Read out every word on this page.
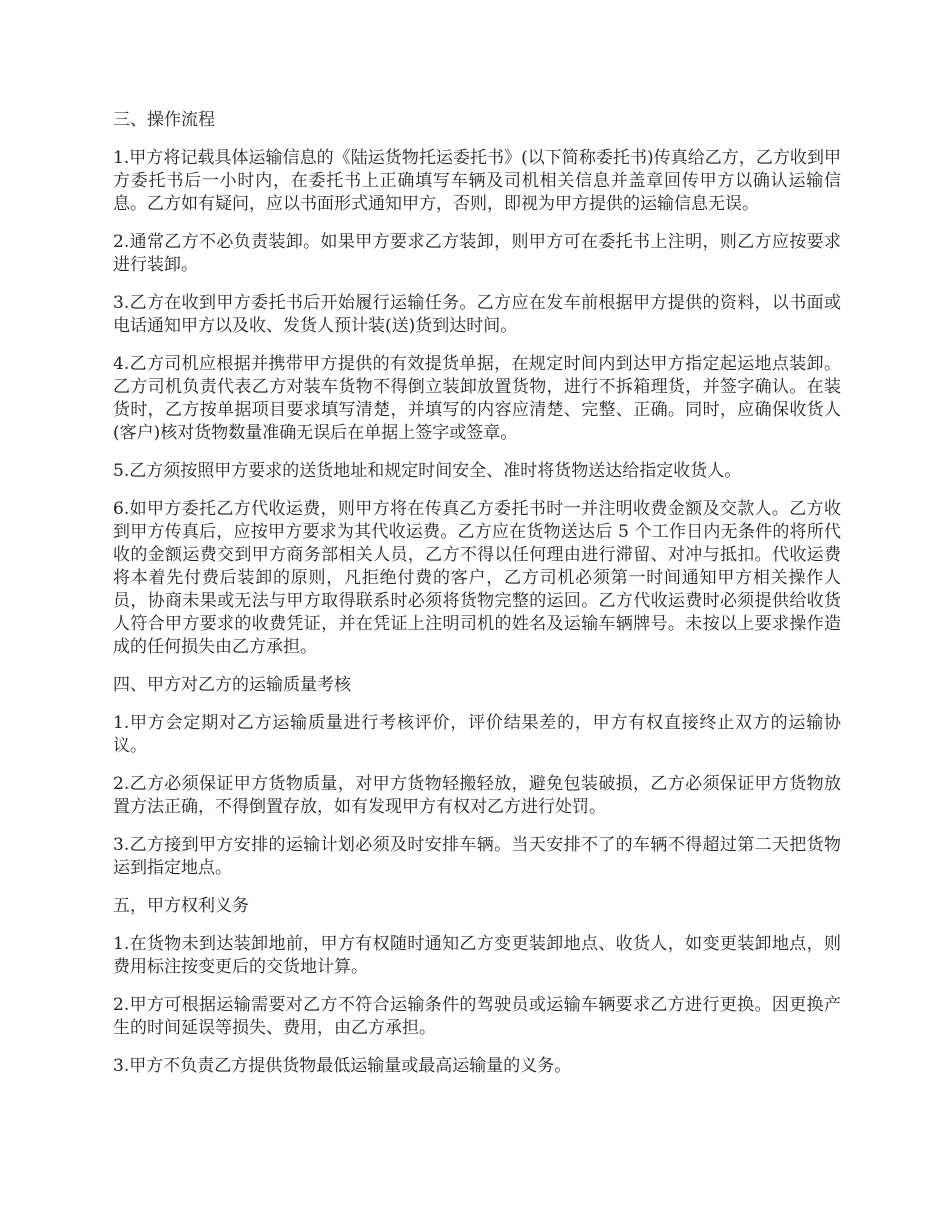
三、操作流程

1.甲方将记载具体运输信息的《陆运货物托运委托书》(以下简称委托书)传真给乙方，乙方收到甲方委托书后一小时内，在委托书上正确填写车辆及司机相关信息并盖章回传甲方以确认运输信息。乙方如有疑问，应以书面形式通知甲方，否则，即视为甲方提供的运输信息无误。

2.通常乙方不必负责装卸。如果甲方要求乙方装卸，则甲方可在委托书上注明，则乙方应按要求进行装卸。

3.乙方在收到甲方委托书后开始履行运输任务。乙方应在发车前根据甲方提供的资料，以书面或电话通知甲方以及收、发货人预计装(送)货到达时间。

4.乙方司机应根据并携带甲方提供的有效提货单据，在规定时间内到达甲方指定起运地点装卸。乙方司机负责代表乙方对装车货物不得倒立装卸放置货物，进行不拆箱理货，并签字确认。在装货时，乙方按单据项目要求填写清楚，并填写的内容应清楚、完整、正确。同时，应确保收货人(客户)核对货物数量准确无误后在单据上签字或签章。

5.乙方须按照甲方要求的送货地址和规定时间安全、准时将货物送达给指定收货人。

6.如甲方委托乙方代收运费，则甲方将在传真乙方委托书时一并注明收费金额及交款人。乙方收到甲方传真后，应按甲方要求为其代收运费。乙方应在货物送达后 5 个工作日内无条件的将所代收的金额运费交到甲方商务部相关人员，乙方不得以任何理由进行滞留、对冲与抵扣。代收运费将本着先付费后装卸的原则，凡拒绝付费的客户，乙方司机必须第一时间通知甲方相关操作人员，协商未果或无法与甲方取得联系时必须将货物完整的运回。乙方代收运费时必须提供给收货人符合甲方要求的收费凭证，并在凭证上注明司机的姓名及运输车辆牌号。未按以上要求操作造成的任何损失由乙方承担。

四、甲方对乙方的运输质量考核

1.甲方会定期对乙方运输质量进行考核评价，评价结果差的，甲方有权直接终止双方的运输协议。

2.乙方必须保证甲方货物质量，对甲方货物轻搬轻放，避免包装破损，乙方必须保证甲方货物放置方法正确，不得倒置存放，如有发现甲方有权对乙方进行处罚。

3.乙方接到甲方安排的运输计划必须及时安排车辆。当天安排不了的车辆不得超过第二天把货物运到指定地点。

五，甲方权利义务

1.在货物未到达装卸地前，甲方有权随时通知乙方变更装卸地点、收货人，如变更装卸地点，则费用标注按变更后的交货地计算。

2.甲方可根据运输需要对乙方不符合运输条件的驾驶员或运输车辆要求乙方进行更换。因更换产生的时间延误等损失、费用，由乙方承担。

3.甲方不负责乙方提供货物最低运输量或最高运输量的义务。
